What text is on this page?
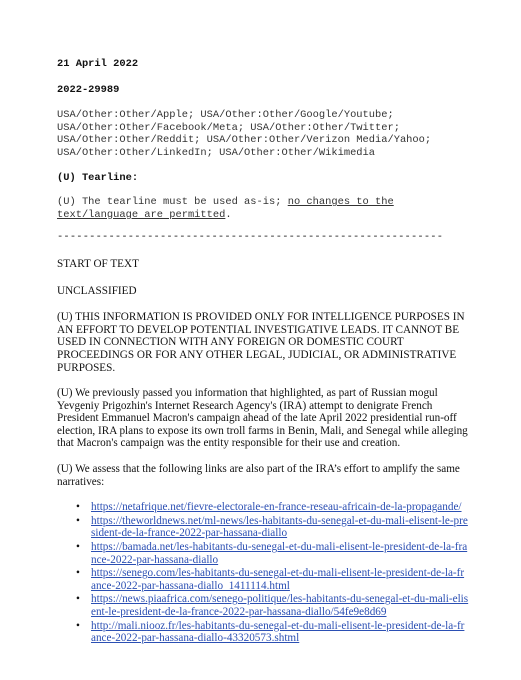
21 April 2022
2022-29989
USA/Other:Other/Apple; USA/Other:Other/Google/Youtube; USA/Other:Other/Facebook/Meta; USA/Other:Other/Twitter; USA/Other:Other/Reddit; USA/Other:Other/Verizon Media/Yahoo; USA/Other:Other/LinkedIn; USA/Other:Other/Wikimedia
(U) Tearline:
(U) The tearline must be used as-is; no changes to the text/language are permitted.
------------------------------------------------------------
START OF TEXT
UNCLASSIFIED
(U) THIS INFORMATION IS PROVIDED ONLY FOR INTELLIGENCE PURPOSES IN AN EFFORT TO DEVELOP POTENTIAL INVESTIGATIVE LEADS. IT CANNOT BE USED IN CONNECTION WITH ANY FOREIGN OR DOMESTIC COURT PROCEEDINGS OR FOR ANY OTHER LEGAL, JUDICIAL, OR ADMINISTRATIVE PURPOSES.
(U) We previously passed you information that highlighted, as part of Russian mogul Yevgeniy Prigozhin's Internet Research Agency's (IRA) attempt to denigrate French President Emmanuel Macron's campaign ahead of the late April 2022 presidential run-off election, IRA plans to expose its own troll farms in Benin, Mali, and Senegal while alleging that Macron's campaign was the entity responsible for their use and creation.
(U) We assess that the following links are also part of the IRA’s effort to amplify the same narratives:
• https://netafrique.net/fievre-electorale-en-france-reseau-africain-de-la-propagande/
• https://theworldnews.net/ml-news/les-habitants-du-senegal-et-du-mali-elisent-le-president-de-la-france-2022-par-hassana-diallo
• https://bamada.net/les-habitants-du-senegal-et-du-mali-elisent-le-president-de-la-france-2022-par-hassana-diallo
• https://senego.com/les-habitants-du-senegal-et-du-mali-elisent-le-president-de-la-france-2022-par-hassana-diallo_1411114.html
• https://news.piaafrica.com/senego-politique/les-habitants-du-senegal-et-du-mali-elisent-le-president-de-la-france-2022-par-hassana-diallo/54fe9e8d69
• http://mali.niooz.fr/les-habitants-du-senegal-et-du-mali-elisent-le-president-de-la-france-2022-par-hassana-diallo-43320573.shtml
